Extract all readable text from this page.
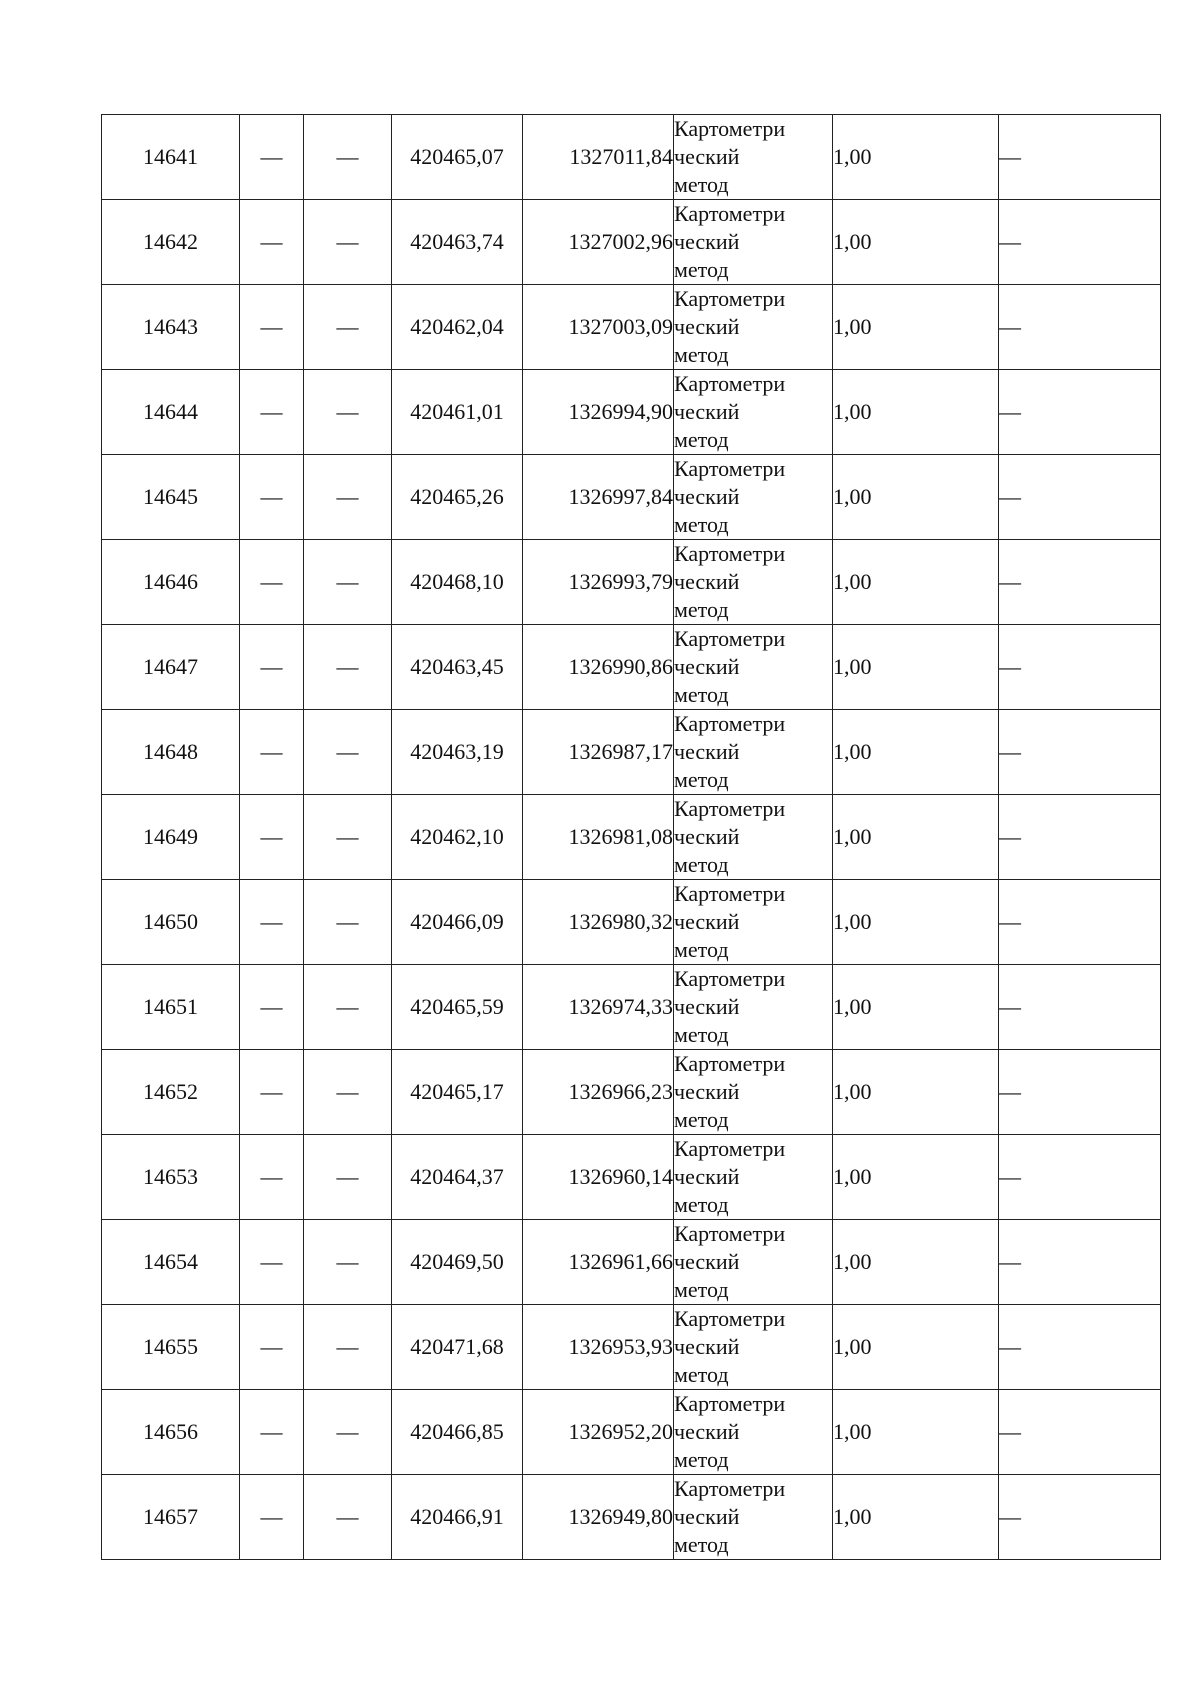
14641	—	—	420465,07	1327011,84	Картометри
ческий
метод	1,00	—
14642	—	—	420463,74	1327002,96	Картометри
ческий
метод	1,00	—
14643	—	—	420462,04	1327003,09	Картометри
ческий
метод	1,00	—
14644	—	—	420461,01	1326994,90	Картометри
ческий
метод	1,00	—
14645	—	—	420465,26	1326997,84	Картометри
ческий
метод	1,00	—
14646	—	—	420468,10	1326993,79	Картометри
ческий
метод	1,00	—
14647	—	—	420463,45	1326990,86	Картометри
ческий
метод	1,00	—
14648	—	—	420463,19	1326987,17	Картометри
ческий
метод	1,00	—
14649	—	—	420462,10	1326981,08	Картометри
ческий
метод	1,00	—
14650	—	—	420466,09	1326980,32	Картометри
ческий
метод	1,00	—
14651	—	—	420465,59	1326974,33	Картометри
ческий
метод	1,00	—
14652	—	—	420465,17	1326966,23	Картометри
ческий
метод	1,00	—
14653	—	—	420464,37	1326960,14	Картометри
ческий
метод	1,00	—
14654	—	—	420469,50	1326961,66	Картометри
ческий
метод	1,00	—
14655	—	—	420471,68	1326953,93	Картометри
ческий
метод	1,00	—
14656	—	—	420466,85	1326952,20	Картометри
ческий
метод	1,00	—
14657	—	—	420466,91	1326949,80	Картометри
ческий
метод	1,00	—
